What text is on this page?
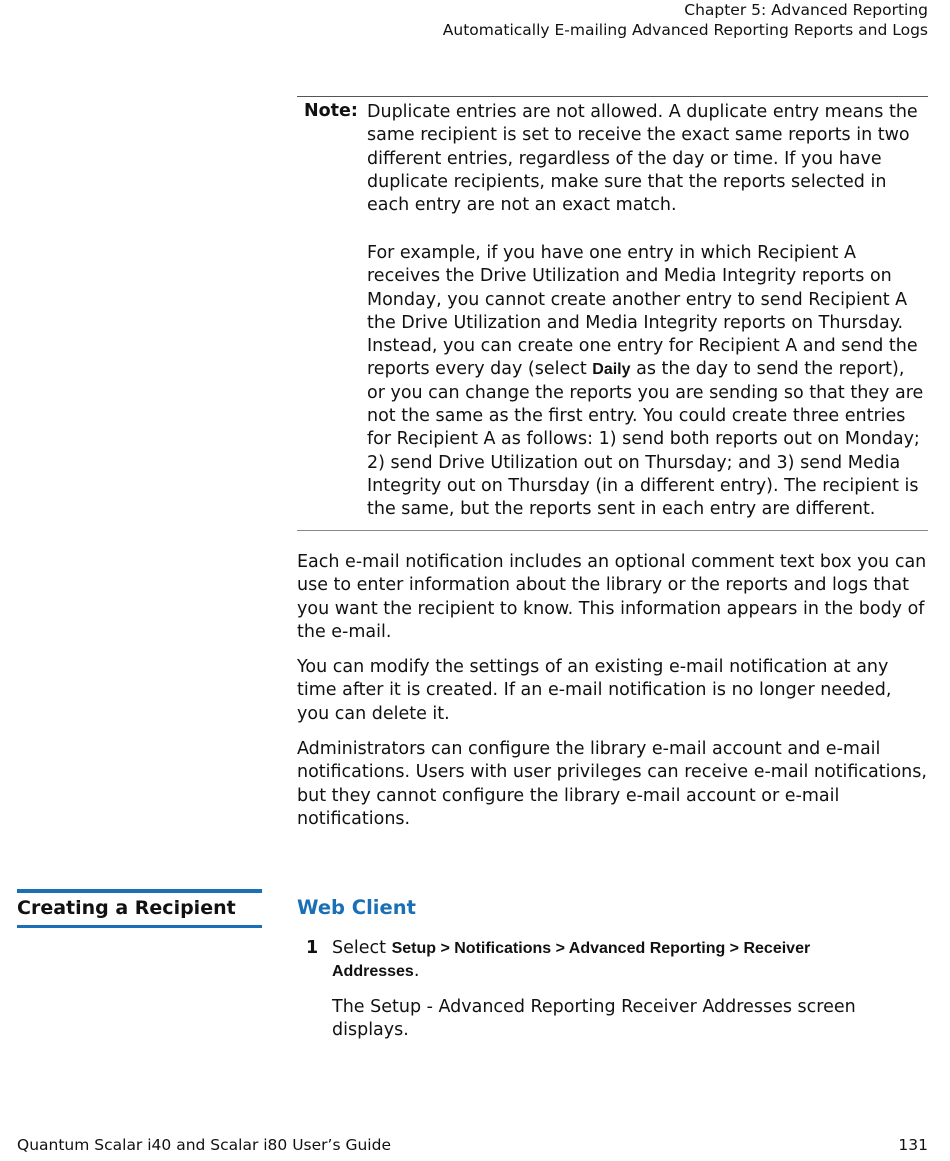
Chapter 5: Advanced Reporting
Automatically E-mailing Advanced Reporting Reports and Logs
Note: Duplicate entries are not allowed. A duplicate entry means the same recipient is set to receive the exact same reports in two different entries, regardless of the day or time. If you have duplicate recipients, make sure that the reports selected in each entry are not an exact match.

For example, if you have one entry in which Recipient A receives the Drive Utilization and Media Integrity reports on Monday, you cannot create another entry to send Recipient A the Drive Utilization and Media Integrity reports on Thursday. Instead, you can create one entry for Recipient A and send the reports every day (select Daily as the day to send the report), or you can change the reports you are sending so that they are not the same as the first entry. You could create three entries for Recipient A as follows: 1) send both reports out on Monday; 2) send Drive Utilization out on Thursday; and 3) send Media Integrity out on Thursday (in a different entry). The recipient is the same, but the reports sent in each entry are different.

Each e-mail notification includes an optional comment text box you can use to enter information about the library or the reports and logs that you want the recipient to know. This information appears in the body of the e-mail.

You can modify the settings of an existing e-mail notification at any time after it is created. If an e-mail notification is no longer needed, you can delete it.

Administrators can configure the library e-mail account and e-mail notifications. Users with user privileges can receive e-mail notifications, but they cannot configure the library e-mail account or e-mail notifications.

Creating a Recipient	Web Client
1 Select Setup > Notifications > Advanced Reporting > Receiver Addresses.

The Setup - Advanced Reporting Receiver Addresses screen displays.

Quantum Scalar i40 and Scalar i80 User’s Guide	131
